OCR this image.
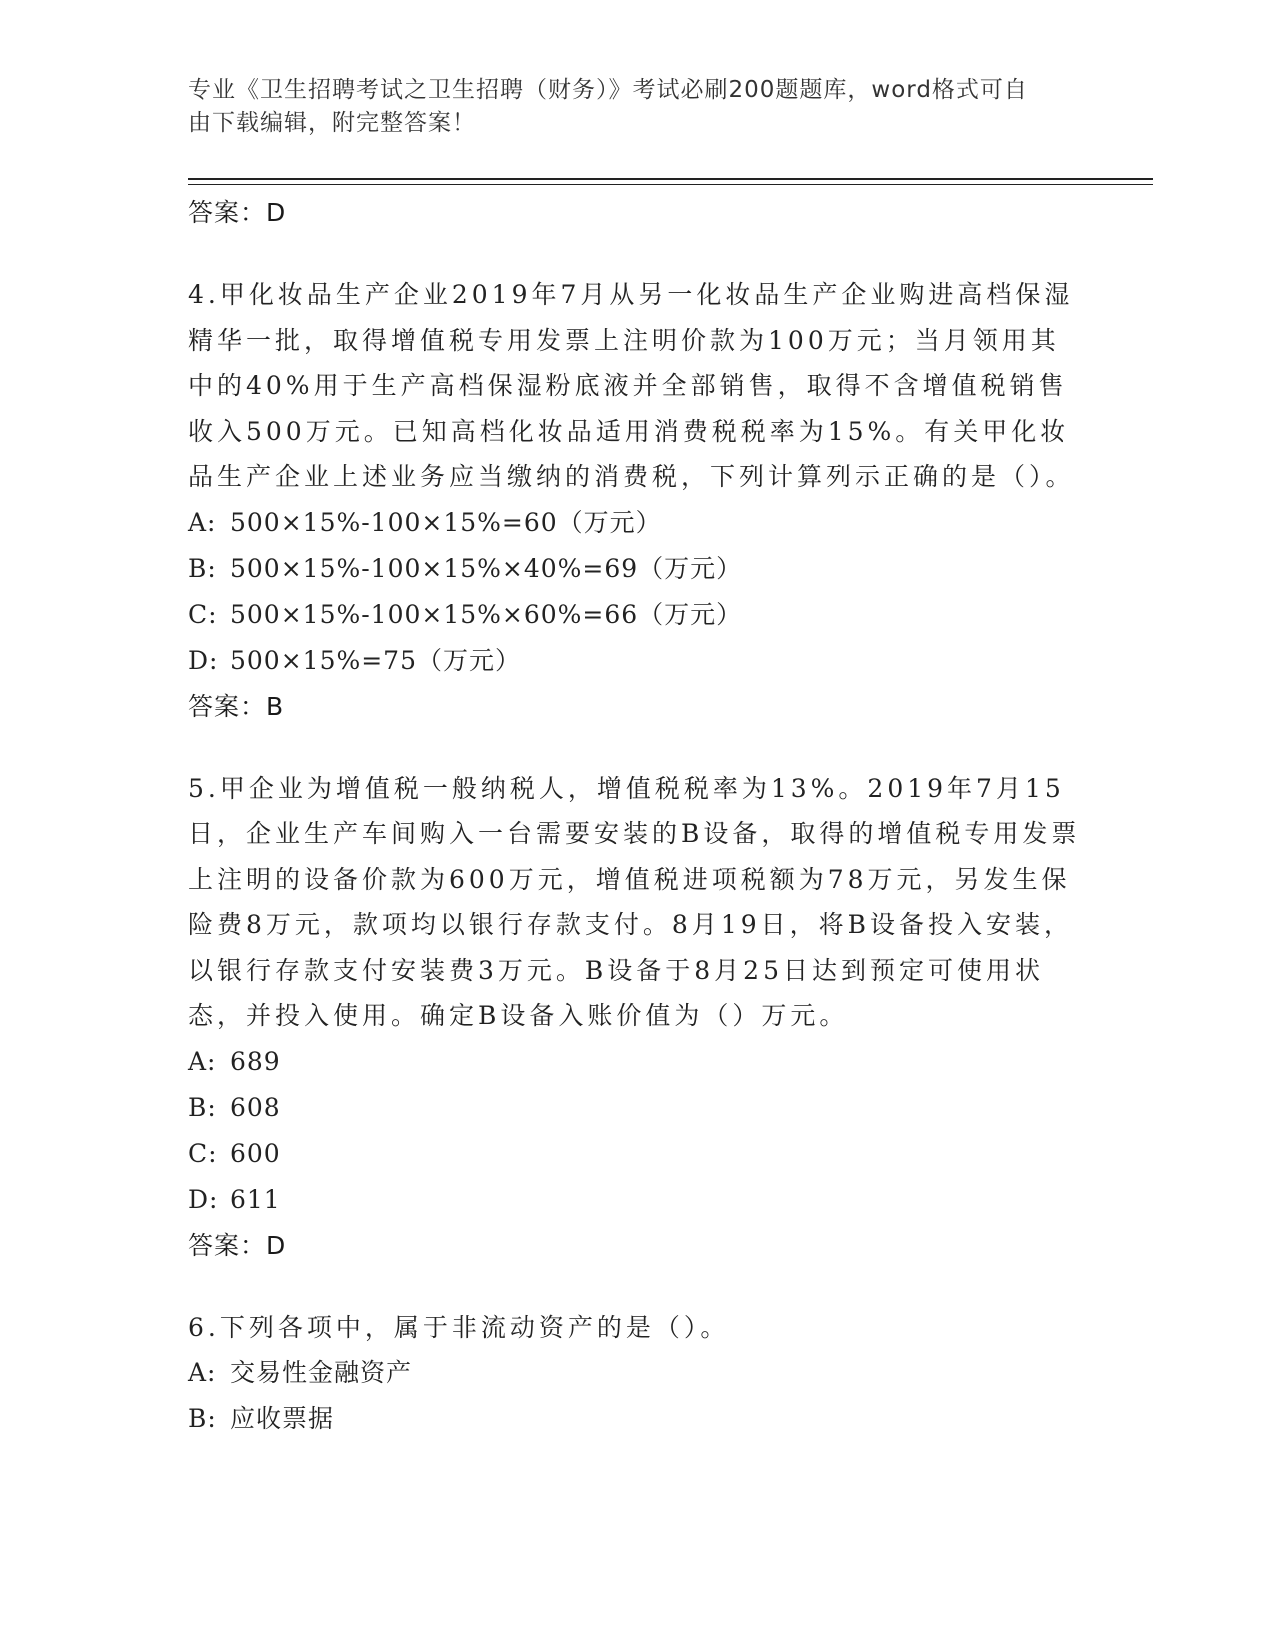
专业《卫生招聘考试之卫生招聘（财务）》考试必刷200题题库，word格式可自
由下载编辑，附完整答案！
答案：D
4.甲化妆品生产企业2019年7月从另一化妆品生产企业购进高档保湿精华一批，取得增值税专用发票上注明价款为100万元；当月领用其中的40%用于生产高档保湿粉底液并全部销售，取得不含增值税销售收入500万元。已知高档化妆品适用消费税税率为15%。有关甲化妆品生产企业上述业务应当缴纳的消费税，下列计算列示正确的是（）。
A: 500×15%-100×15%=60（万元）
B: 500×15%-100×15%×40%=69（万元）
C: 500×15%-100×15%×60%=66（万元）
D: 500×15%=75（万元）
答案：B
5.甲企业为增值税一般纳税人，增值税税率为13%。2019年7月15日，企业生产车间购入一台需要安装的B设备，取得的增值税专用发票上注明的设备价款为600万元，增值税进项税额为78万元，另发生保险费8万元，款项均以银行存款支付。8月19日，将B设备投入安装，以银行存款支付安装费3万元。B设备于8月25日达到预定可使用状态，并投入使用。确定B设备入账价值为（）万元。
A: 689
B: 608
C: 600
D: 611
答案：D
6.下列各项中，属于非流动资产的是（）。
A: 交易性金融资产
B: 应收票据
